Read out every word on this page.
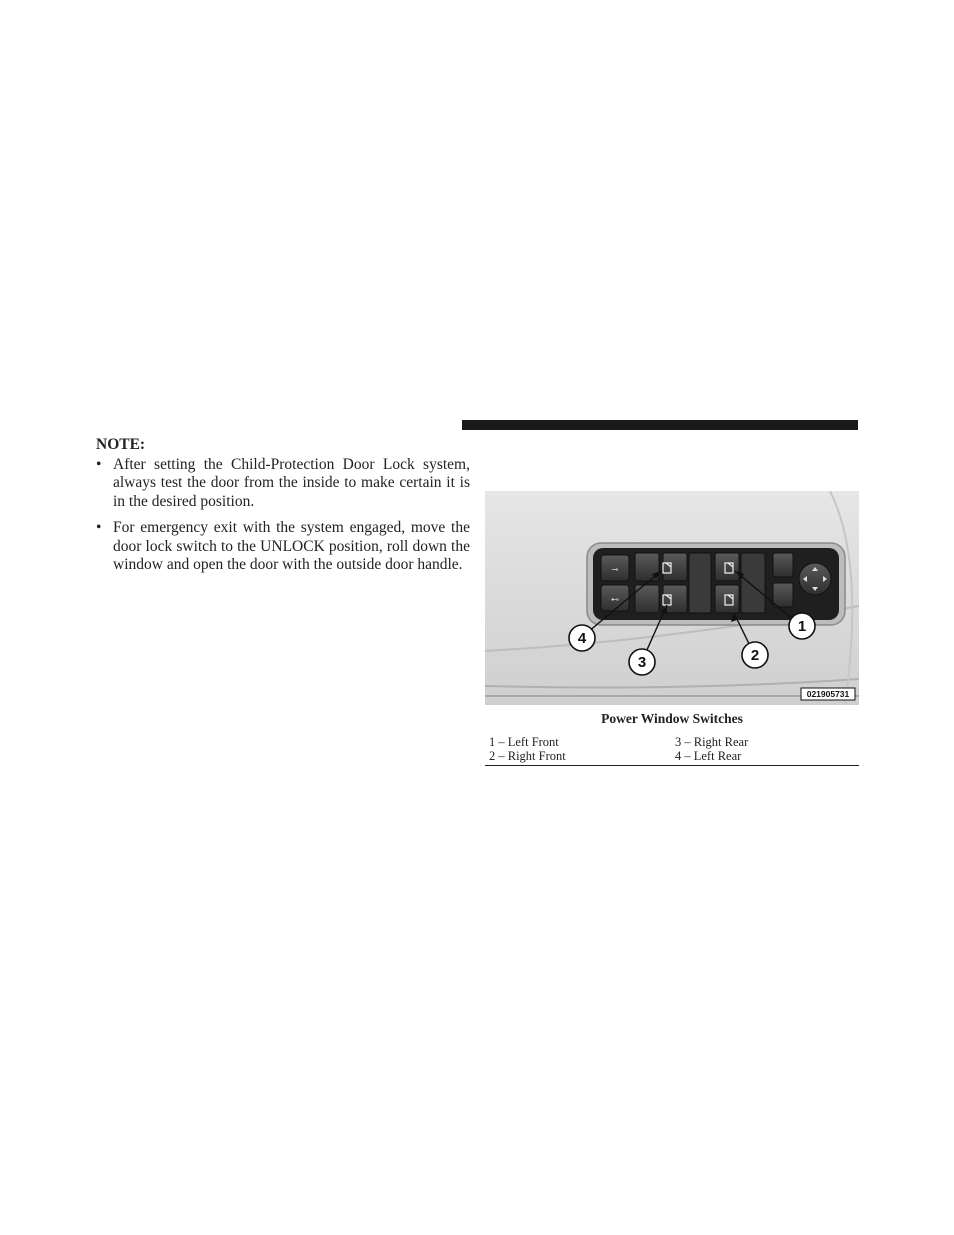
NOTE:
• After setting the Child-Protection Door Lock system, always test the door from the inside to make certain it is in the desired position.
• For emergency exit with the system engaged, move the door lock switch to the UNLOCK position, roll down the window and open the door with the outside door handle.	⊸
⊷
4
3	2
1
021905731
Power Window Switches
1 – Left Front	3 – Right Rear
2 – Right Front	4 – Left Rear
